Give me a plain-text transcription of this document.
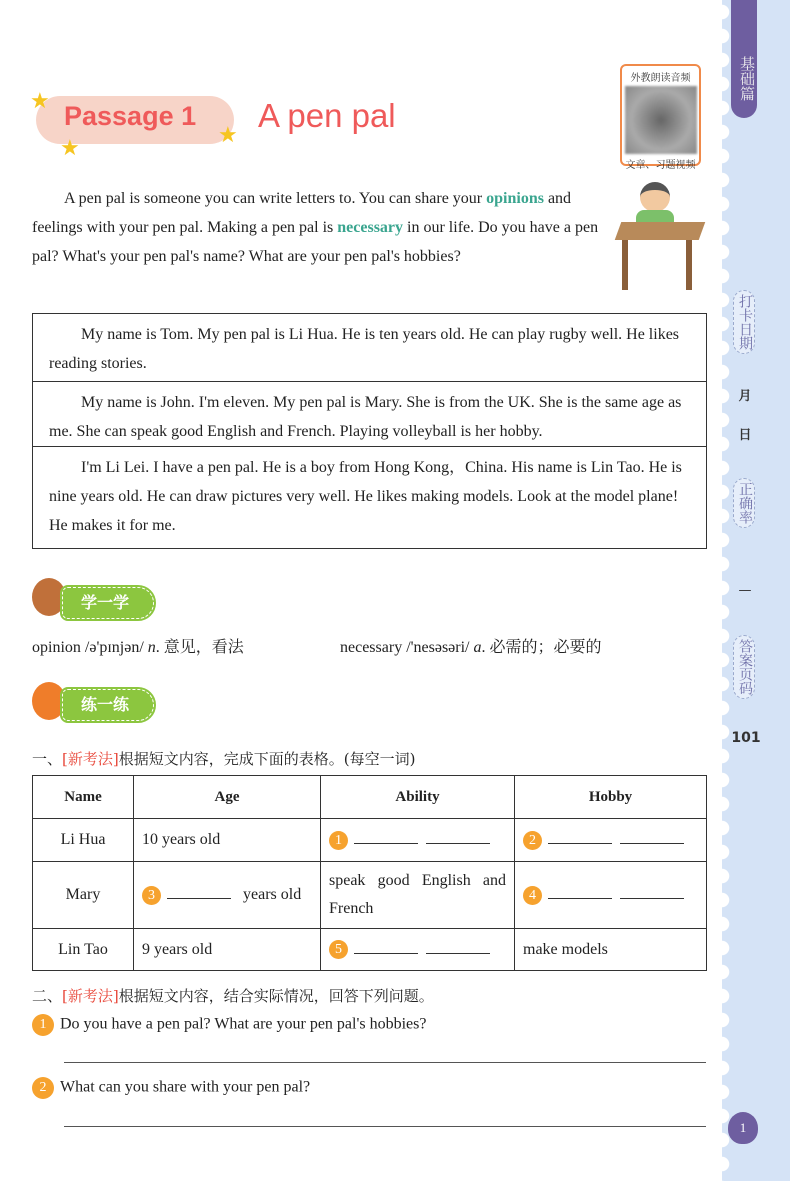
基础篇
打卡日期
月
日
正确率
—
答案页码
101
1
★
★
★
Passage 1 A pen pal
外教朗读音频
文章、习题视频
A pen pal is someone you can write letters to. You can share your opinions and feelings with your pen pal. Making a pen pal is necessary in our life. Do you have a pen pal? What's your pen pal's name? What are your pen pal's hobbies?
My name is Tom. My pen pal is Li Hua. He is ten years old. He can play rugby well. He likes reading stories.
My name is John. I'm eleven. My pen pal is Mary. She is from the UK. She is the same age as me. She can speak good English and French. Playing volleyball is her hobby.
I'm Li Lei. I have a pen pal. He is a boy from Hong Kong，China. His name is Lin Tao. He is nine years old. He can draw pictures very well. He likes making models. Look at the model plane! He makes it for me.
学一学
opinion /ə'pɪnjən/ n. 意见，看法	necessary /'nesəsəri/ a. 必需的；必要的
练一练
一、[新考法]根据短文内容，完成下面的表格。(每空一词)
Name	Age	Ability	Hobby
Li Hua	10 years old	1	2
Mary	3 years old	speak good English and French	4
Lin Tao	9 years old	5	make models
二、[新考法]根据短文内容，结合实际情况，回答下列问题。
1 Do you have a pen pal? What are your pen pal's hobbies?
2 What can you share with your pen pal?
